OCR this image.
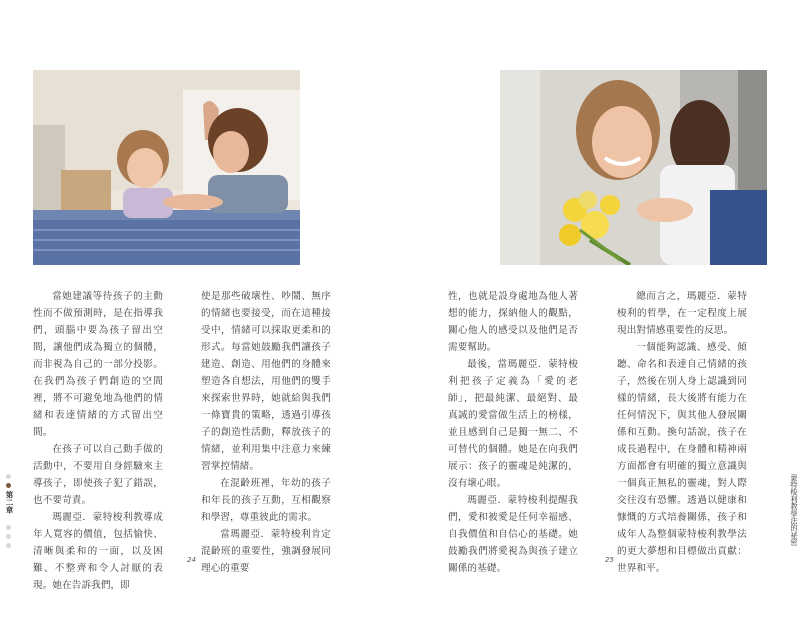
當她建議等待孩子的主動性而不做預測時，是在指導我們，頭腦中要為孩子留出空間，讓他們成為獨立的個體，而非視為自己的一部分投影。在我們為孩子們創造的空間裡，將不可避免地為他們的情緒和表達情緒的方式留出空間。

在孩子可以自己動手做的活動中，不要用自身經驗來主導孩子，即使孩子犯了錯誤，也不要苛責。

瑪麗亞．蒙特梭利教導成年人寬容的價值，包括愉快、清晰與柔和的一面，以及困難、不整齊和令人討厭的表現。她在告訴我們，即

使是那些破壞性、吵鬧、無序的情緒也要接受，而在這種接受中，情緒可以採取更柔和的形式。每當她鼓勵我們讓孩子建造、創造、用他們的身體來塑造各自想法，用他們的雙手來探索世界時，她就給與我們一條寶貴的策略，透過引導孩子的創造性活動，釋放孩子的情緒，並利用集中注意力來練習掌控情緒。

在混齡班裡，年幼的孩子和年長的孩子互動，互相觀察和學習，尊重彼此的需求。

當瑪麗亞．蒙特梭利肯定混齡班的重要性，強調發展同理心的重要

性，也就是設身處地為他人著想的能力，探納他人的觀點，關心他人的感受以及他們是否需要幫助。

最後，當瑪麗亞．蒙特梭利把孩子定義為「愛的老師」，把最純潔、最絕對、最真誠的愛當做生活上的榜樣，並且感到自己是獨一無二、不可替代的個體。她是在向我們展示：孩子的靈魂是純潔的，沒有壞心眼。

瑪麗亞．蒙特梭利提醒我們，愛和被愛是任何幸福感、自我價值和自信心的基礎。她鼓勵我們將愛視為與孩子建立關係的基礎。

總而言之，瑪麗亞．蒙特梭利的哲學，在一定程度上展現出對情感重要性的反思。

一個能夠認識、感受、傾聽、命名和表達自己情緒的孩子，然後在別人身上認識到同樣的情緒，長大後將有能力在任何情況下，與其他人發展關係和互動。換句話說，孩子在成長過程中，在身體和精神兩方面都會有明確的獨立意識與一個真正無私的靈魂，對人際交往沒有恐懼。透過以健康和慷慨的方式培養關係，孩子和成年人為整個蒙特梭利教學法的更大夢想和目標做出貢獻：世界和平。

24	25
第二章	蒙特梭利教學法的祕密
